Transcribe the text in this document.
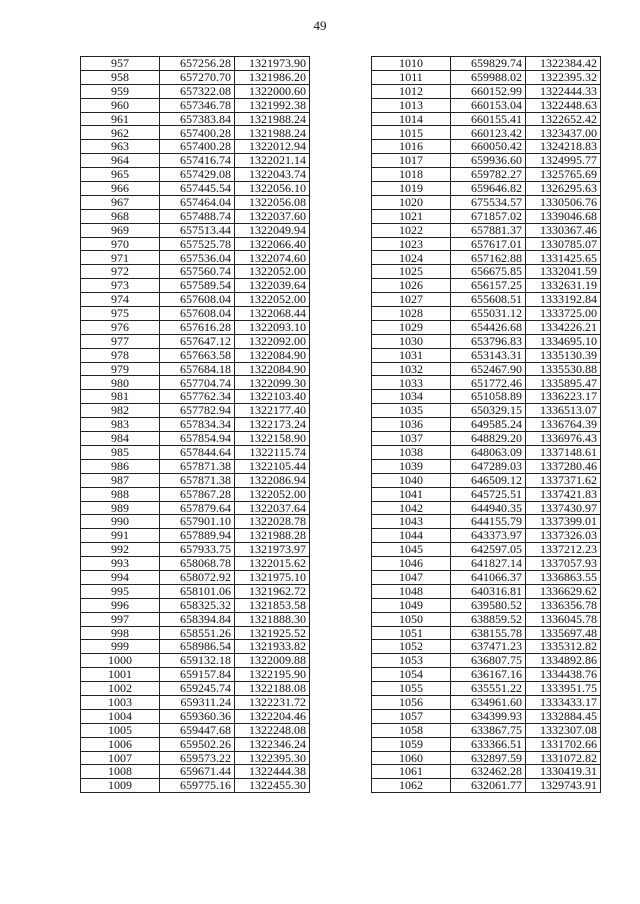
49
957	657256.28	1321973.90
958	657270.70	1321986.20
959	657322.08	1322000.60
960	657346.78	1321992.38
961	657383.84	1321988.24
962	657400.28	1321988.24
963	657400.28	1322012.94
964	657416.74	1322021.14
965	657429.08	1322043.74
966	657445.54	1322056.10
967	657464.04	1322056.08
968	657488.74	1322037.60
969	657513.44	1322049.94
970	657525.78	1322066.40
971	657536.04	1322074.60
972	657560.74	1322052.00
973	657589.54	1322039.64
974	657608.04	1322052.00
975	657608.04	1322068.44
976	657616.28	1322093.10
977	657647.12	1322092.00
978	657663.58	1322084.90
979	657684.18	1322084.90
980	657704.74	1322099.30
981	657762.34	1322103.40
982	657782.94	1322177.40
983	657834.34	1322173.24
984	657854.94	1322158.90
985	657844.64	1322115.74
986	657871.38	1322105.44
987	657871.38	1322086.94
988	657867.28	1322052.00
989	657879.64	1322037.64
990	657901.10	1322028.78
991	657889.94	1321988.28
992	657933.75	1321973.97
993	658068.78	1322015.62
994	658072.92	1321975.10
995	658101.06	1321962.72
996	658325.32	1321853.58
997	658394.84	1321888.30
998	658551.26	1321925.52
999	658986.54	1321933.82
1000	659132.18	1322009.88
1001	659157.84	1322195.90
1002	659245.74	1322188.08
1003	659311.24	1322231.72
1004	659360.36	1322204.46
1005	659447.68	1322248.08
1006	659502.26	1322346.24
1007	659573.22	1322395.30
1008	659671.44	1322444.38
1009	659775.16	1322455.30
1010	659829.74	1322384.42
1011	659988.02	1322395.32
1012	660152.99	1322444.33
1013	660153.04	1322448.63
1014	660155.41	1322652.42
1015	660123.42	1323437.00
1016	660050.42	1324218.83
1017	659936.60	1324995.77
1018	659782.27	1325765.69
1019	659646.82	1326295.63
1020	675534.57	1330506.76
1021	671857.02	1339046.68
1022	657881.37	1330367.46
1023	657617.01	1330785.07
1024	657162.88	1331425.65
1025	656675.85	1332041.59
1026	656157.25	1332631.19
1027	655608.51	1333192.84
1028	655031.12	1333725.00
1029	654426.68	1334226.21
1030	653796.83	1334695.10
1031	653143.31	1335130.39
1032	652467.90	1335530.88
1033	651772.46	1335895.47
1034	651058.89	1336223.17
1035	650329.15	1336513.07
1036	649585.24	1336764.39
1037	648829.20	1336976.43
1038	648063.09	1337148.61
1039	647289.03	1337280.46
1040	646509.12	1337371.62
1041	645725.51	1337421.83
1042	644940.35	1337430.97
1043	644155.79	1337399.01
1044	643373.97	1337326.03
1045	642597.05	1337212.23
1046	641827.14	1337057.93
1047	641066.37	1336863.55
1048	640316.81	1336629.62
1049	639580.52	1336356.78
1050	638859.52	1336045.78
1051	638155.78	1335697.48
1052	637471.23	1335312.82
1053	636807.75	1334892.86
1054	636167.16	1334438.76
1055	635551.22	1333951.75
1056	634961.60	1333433.17
1057	634399.93	1332884.45
1058	633867.75	1332307.08
1059	633366.51	1331702.66
1060	632897.59	1331072.82
1061	632462.28	1330419.31
1062	632061.77	1329743.91
